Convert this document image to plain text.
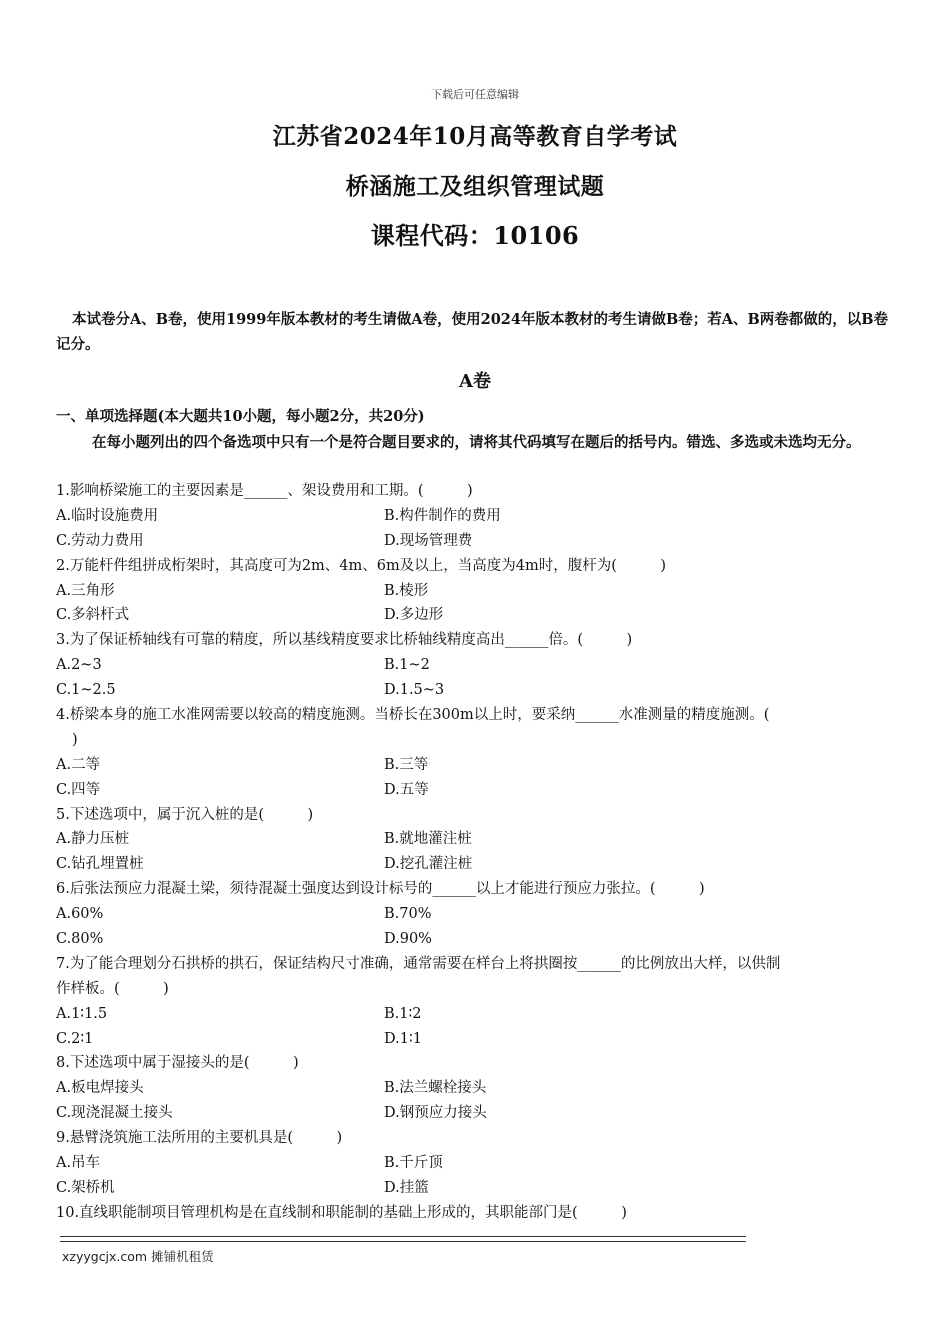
下载后可任意编辑
江苏省2024年10月高等教育自学考试
桥涵施工及组织管理试题
课程代码：10106
本试卷分A、B卷，使用1999年版本教材的考生请做A卷，使用2024年版本教材的考生请做B卷；若A、B两卷都做的，以B卷记分。
A卷
一、单项选择题(本大题共10小题，每小题2分，共20分)
在每小题列出的四个备选项中只有一个是符合题目要求的，请将其代码填写在题后的括号内。错选、多选或未选均无分。
1.影响桥梁施工的主要因素是______、架设费用和工期。(　　　)
A.临时设施费用	B.构件制作的费用
C.劳动力费用	D.现场管理费
2.万能杆件组拼成桁架时，其高度可为2m、4m、6m及以上，当高度为4m时，腹杆为(　　　)
A.三角形	B.棱形
C.多斜杆式	D.多边形
3.为了保证桥轴线有可靠的精度，所以基线精度要求比桥轴线精度高出______倍。(　　　)
A.2~3	B.1~2
C.1~2.5	D.1.5~3
4.桥梁本身的施工水准网需要以较高的精度施测。当桥长在300m以上时，要采纳______水准测量的精度施测。(
)
A.二等	B.三等
C.四等	D.五等
5.下述选项中，属于沉入桩的是(　　　)
A.静力压桩	B.就地灌注桩
C.钻孔埋置桩	D.挖孔灌注桩
6.后张法预应力混凝土梁，须待混凝土强度达到设计标号的______以上才能进行预应力张拉。(　　　)
A.60%	B.70%
C.80%	D.90%
7.为了能合理划分石拱桥的拱石，保证结构尺寸准确，通常需要在样台上将拱圈按______的比例放出大样，以供制
作样板。(　　　)
A.1∶1.5	B.1∶2
C.2∶1	D.1∶1
8.下述选项中属于湿接头的是(　　　)
A.板电焊接头	B.法兰螺栓接头
C.现浇混凝土接头	D.钢预应力接头
9.悬臂浇筑施工法所用的主要机具是(　　　)
A.吊车	B.千斤顶
C.架桥机	D.挂篮
10.直线职能制项目管理机构是在直线制和职能制的基础上形成的，其职能部门是(　　　)
xzyygcjx.com 摊铺机租赁
